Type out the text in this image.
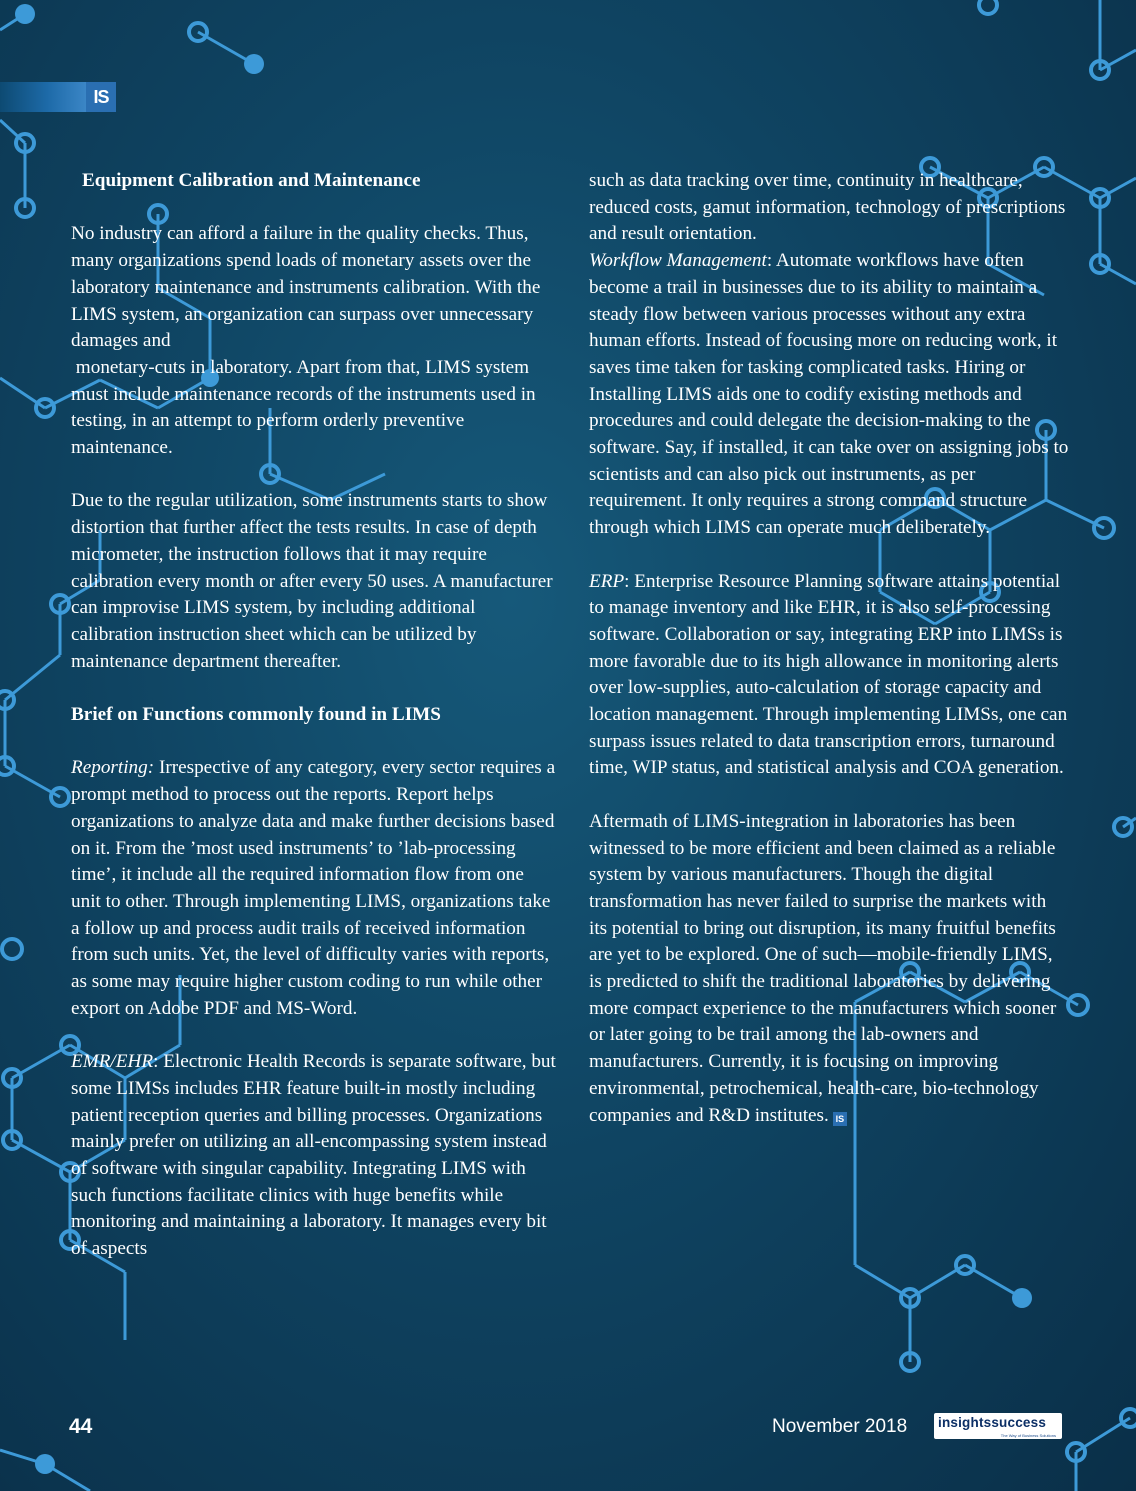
IS
Equipment Calibration and Maintenance

No industry can afford a failure in the quality checks. Thus, many organizations spend loads of monetary assets over the laboratory maintenance and instruments calibration. With the LIMS system, an organization can surpass over unnecessary damages and
monetary-cuts in laboratory. Apart from that, LIMS system must include maintenance records of the instruments used in testing, in an attempt to perform orderly preventive maintenance.

Due to the regular utilization, some instruments starts to show distortion that further affect the tests results. In case of depth micrometer, the instruction follows that it may require calibration every month or after every 50 uses. A manufacturer can improvise LIMS system, by including additional calibration instruction sheet which can be utilized by maintenance department thereafter.

Brief on Functions commonly found in LIMS

Reporting: Irrespective of any category, every sector requires a prompt method to process out the reports. Report helps organizations to analyze data and make further decisions based on it. From the ’most used instruments’ to ’lab-processing time’, it include all the required information flow from one unit to other. Through implementing LIMS, organizations take a follow up and process audit trails of received information from such units. Yet, the level of difficulty varies with reports, as some may require higher custom coding to run while other export on Adobe PDF and MS-Word.

EMR/EHR: Electronic Health Records is separate software, but some LIMSs includes EHR feature built-in mostly including patient reception queries and billing processes. Organizations mainly prefer on utilizing an all-encompassing system instead of software with singular capability. Integrating LIMS with such functions facilitate clinics with huge benefits while monitoring and maintaining a laboratory. It manages every bit of aspects

such as data tracking over time, continuity in healthcare, reduced costs, gamut information, technology of prescriptions and result orientation.

Workflow Management: Automate workflows have often become a trail in businesses due to its ability to maintain a steady flow between various processes without any extra human efforts. Instead of focusing more on reducing work, it saves time taken for tasking complicated tasks. Hiring or Installing LIMS aids one to codify existing methods and procedures and could delegate the decision-making to the software. Say, if installed, it can take over on assigning jobs to scientists and can also pick out instruments, as per requirement. It only requires a strong command structure through which LIMS can operate much deliberately.

ERP: Enterprise Resource Planning software attains potential to manage inventory and like EHR, it is also self-processing software. Collaboration or say, integrating ERP into LIMSs is more favorable due to its high allowance in monitoring alerts over low-supplies, auto-calculation of storage capacity and location management. Through implementing LIMSs, one can surpass issues related to data transcription errors, turnaround time, WIP status, and statistical analysis and COA generation.

Aftermath of LIMS-integration in laboratories has been witnessed to be more efficient and been claimed as a reliable system by various manufacturers. Though the digital transformation has never failed to surprise the markets with its potential to bring out disruption, its many fruitful benefits are yet to be explored. One of such—mobile-friendly LIMS, is predicted to shift the traditional laboratories by delivering more compact experience to the manufacturers which sooner or later going to be trail among the lab-owners and manufacturers. Currently, it is focusing on improving environmental, petrochemical, health-care, bio-technology companies and R&D institutes. IS

44	November 2018 insightssuccess
The Way of Business Solutions
